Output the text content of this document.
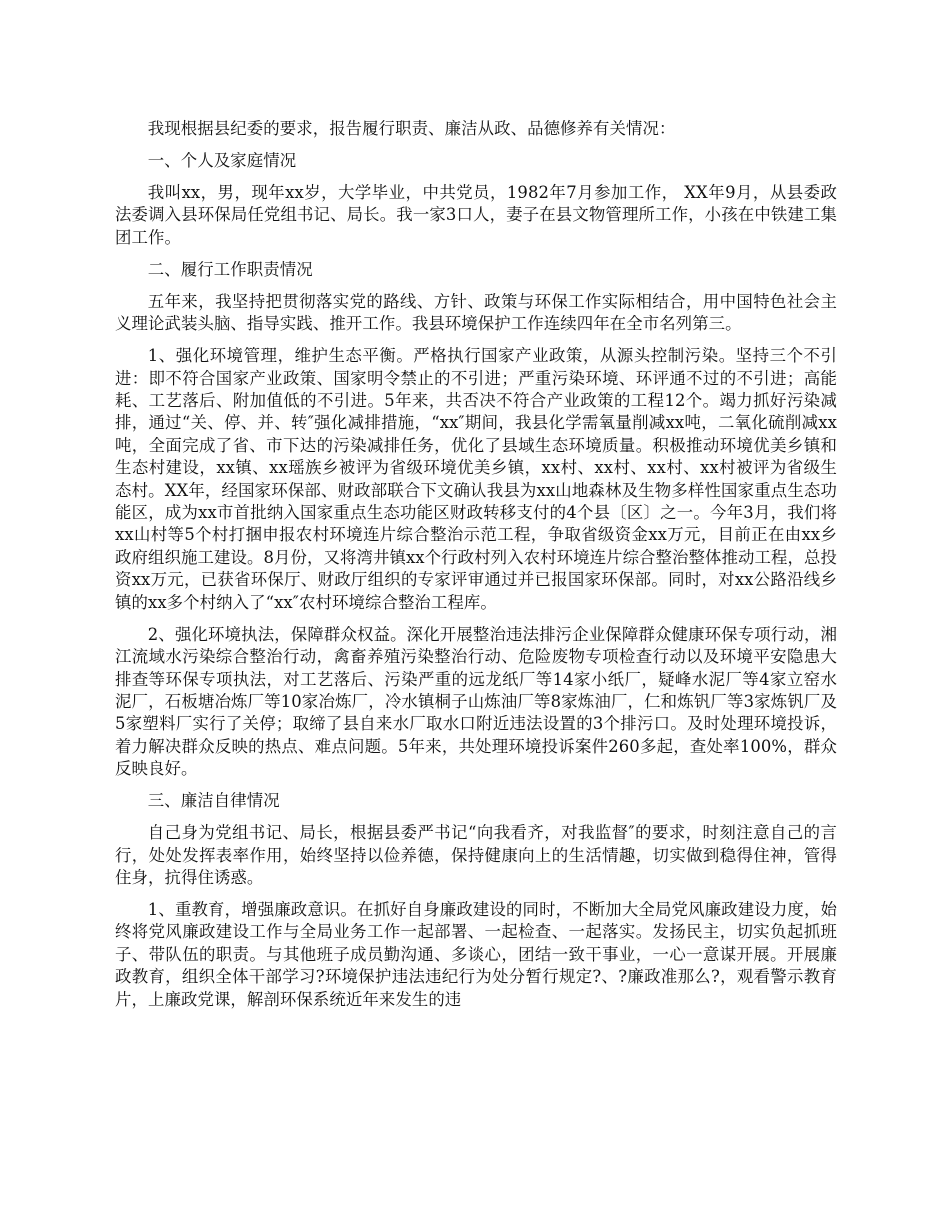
我现根据县纪委的要求，报告履行职责、廉洁从政、品德修养有关情况：

一、个人及家庭情况

我叫xx，男，现年xx岁，大学毕业，中共党员，1982年7月参加工作， XX年9月，从县委政法委调入县环保局任党组书记、局长。我一家3口人，妻子在县文物管理所工作，小孩在中铁建工集团工作。

二、履行工作职责情况

五年来，我坚持把贯彻落实党的路线、方针、政策与环保工作实际相结合，用中国特色社会主义理论武装头脑、指导实践、推开工作。我县环境保护工作连续四年在全市名列第三。

1、强化环境管理，维护生态平衡。严格执行国家产业政策，从源头控制污染。坚持三个不引进：即不符合国家产业政策、国家明令禁止的不引进；严重污染环境、环评通不过的不引进；高能耗、工艺落后、附加值低的不引进。5年来，共否决不符合产业政策的工程12个。竭力抓好污染减排，通过“关、停、并、转″强化减排措施，“xx″期间，我县化学需氧量削减xx吨，二氧化硫削减xx吨，全面完成了省、市下达的污染减排任务，优化了县域生态环境质量。积极推动环境优美乡镇和生态村建设，xx镇、xx瑶族乡被评为省级环境优美乡镇，xx村、xx村、xx村、xx村被评为省级生态村。XX年，经国家环保部、财政部联合下文确认我县为xx山地森林及生物多样性国家重点生态功能区，成为xx市首批纳入国家重点生态功能区财政转移支付的4个县〔区〕之一。今年3月，我们将xx山村等5个村打捆申报农村环境连片综合整治示范工程，争取省级资金xx万元，目前正在由xx乡政府组织施工建设。8月份，又将湾井镇xx个行政村列入农村环境连片综合整治整体推动工程，总投资xx万元，已获省环保厅、财政厅组织的专家评审通过并已报国家环保部。同时，对xx公路沿线乡镇的xx多个村纳入了“xx″农村环境综合整治工程库。

2、强化环境执法，保障群众权益。深化开展整治违法排污企业保障群众健康环保专项行动，湘江流域水污染综合整治行动，禽畜养殖污染整治行动、危险废物专项检查行动以及环境平安隐患大排查等环保专项执法，对工艺落后、污染严重的远龙纸厂等14家小纸厂，疑峰水泥厂等4家立窑水泥厂，石板塘冶炼厂等10家冶炼厂，冷水镇桐子山炼油厂等8家炼油厂，仁和炼钒厂等3家炼钒厂及5家塑料厂实行了关停；取缔了县自来水厂取水口附近违法设置的3个排污口。及时处理环境投诉，着力解决群众反映的热点、难点问题。5年来，共处理环境投诉案件260多起，查处率100%，群众反映良好。

三、廉洁自律情况

自己身为党组书记、局长，根据县委严书记“向我看齐，对我监督″的要求，时刻注意自己的言行，处处发挥表率作用，始终坚持以俭养德，保持健康向上的生活情趣，切实做到稳得住神，管得住身，抗得住诱惑。

1、重教育，增强廉政意识。在抓好自身廉政建设的同时，不断加大全局党风廉政建设力度，始终将党风廉政建设工作与全局业务工作一起部署、一起检查、一起落实。发扬民主，切实负起抓班子、带队伍的职责。与其他班子成员勤沟通、多谈心，团结一致干事业，一心一意谋开展。开展廉政教育，组织全体干部学习?环境保护违法违纪行为处分暂行规定?、?廉政准那么?，观看警示教育片，上廉政党课，解剖环保系统近年来发生的违
